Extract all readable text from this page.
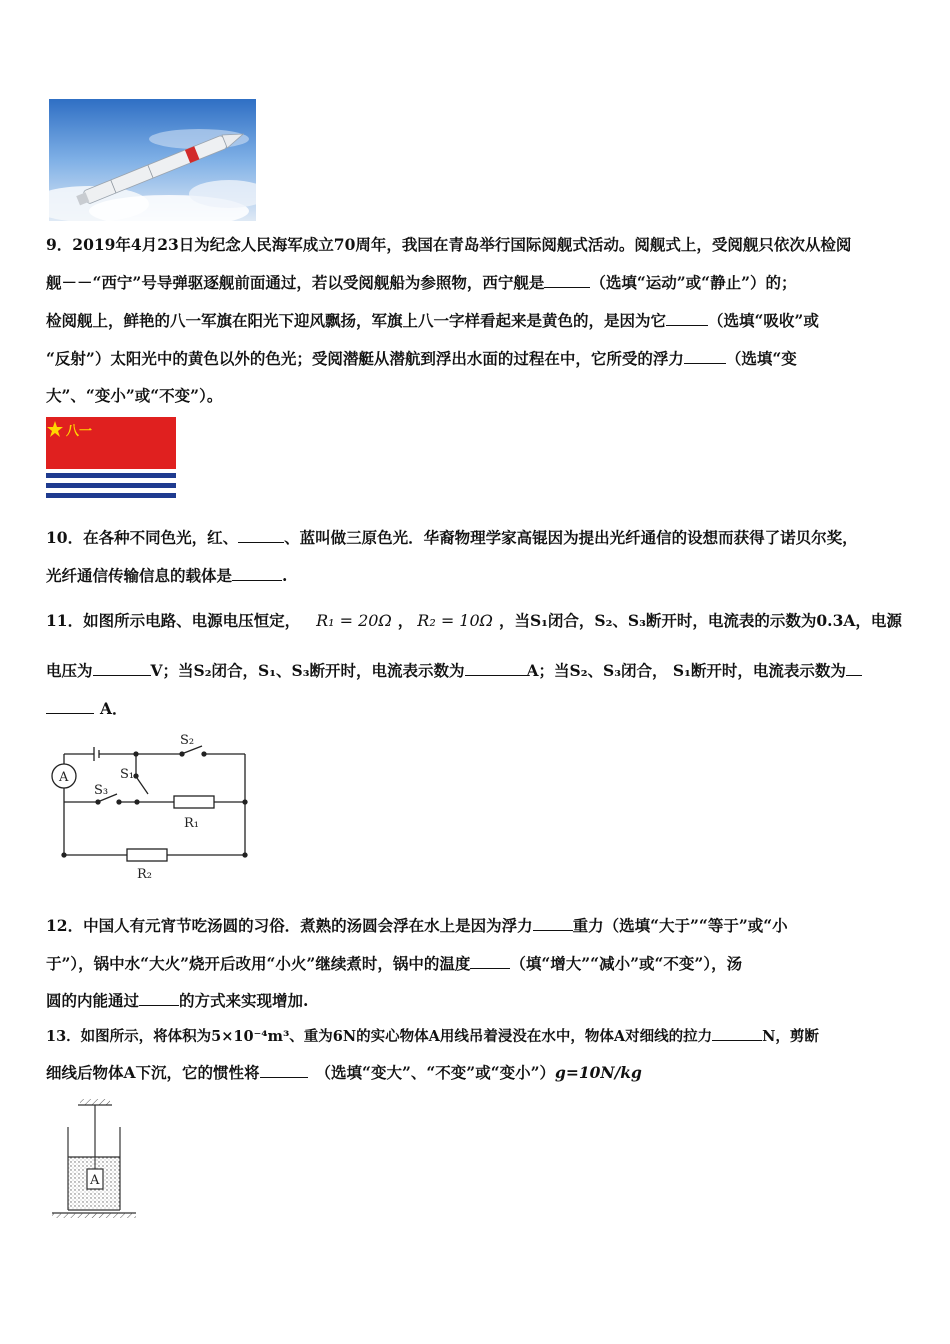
9．2019年4月23日为纪念人民海军成立70周年，我国在青岛举行国际阅舰式活动。阅舰式上，受阅舰只依次从检阅
舰－－“西宁”号导弹驱逐舰前面通过，若以受阅舰船为参照物，西宁舰是	（选填“运动”或“静止”）的；
检阅舰上，鲜艳的八一军旗在阳光下迎风飘扬，军旗上八一字样看起来是黄色的，是因为它	（选填“吸收”或
“反射”）太阳光中的黄色以外的色光；受阅潜艇从潜航到浮出水面的过程在中，它所受的浮力	（选填“变
大”、“变小”或“不变”）。
八一
10．在各种不同色光，红、	、蓝叫做三原色光．华裔物理学家高锟因为提出光纤通信的设想而获得了诺贝尔奖，
光纤通信传输信息的载体是	.
11．如图所示电路、电源电压恒定， R₁ = 20Ω ， R₂ = 10Ω ，当S₁闭合，S₂、S₃断开时，电流表的示数为0.3A，电源
电压为	V；当S₂闭合，S₁、S₃断开时，电流表示数为	A；当S₂、S₃闭合， S₁断开时，电流表示数为
A．
A
S₂
S₁
S₃
R₁
R₂
12．中国人有元宵节吃汤圆的习俗．煮熟的汤圆会浮在水上是因为浮力	重力（选填“大于”“等于”或“小
于”），锅中水“大火”烧开后改用“小火”继续煮时，锅中的温度	（填“增大”“减小”或“不变”），汤
圆的内能通过	的方式来实现增加.
13．如图所示，将体积为5×10⁻⁴m³、重为6N的实心物体A用线吊着浸没在水中，物体A对细线的拉力	N，剪断
细线后物体A下沉，它的惯性将	（选填“变大”、“不变”或“变小”）g=10N/kg
A
